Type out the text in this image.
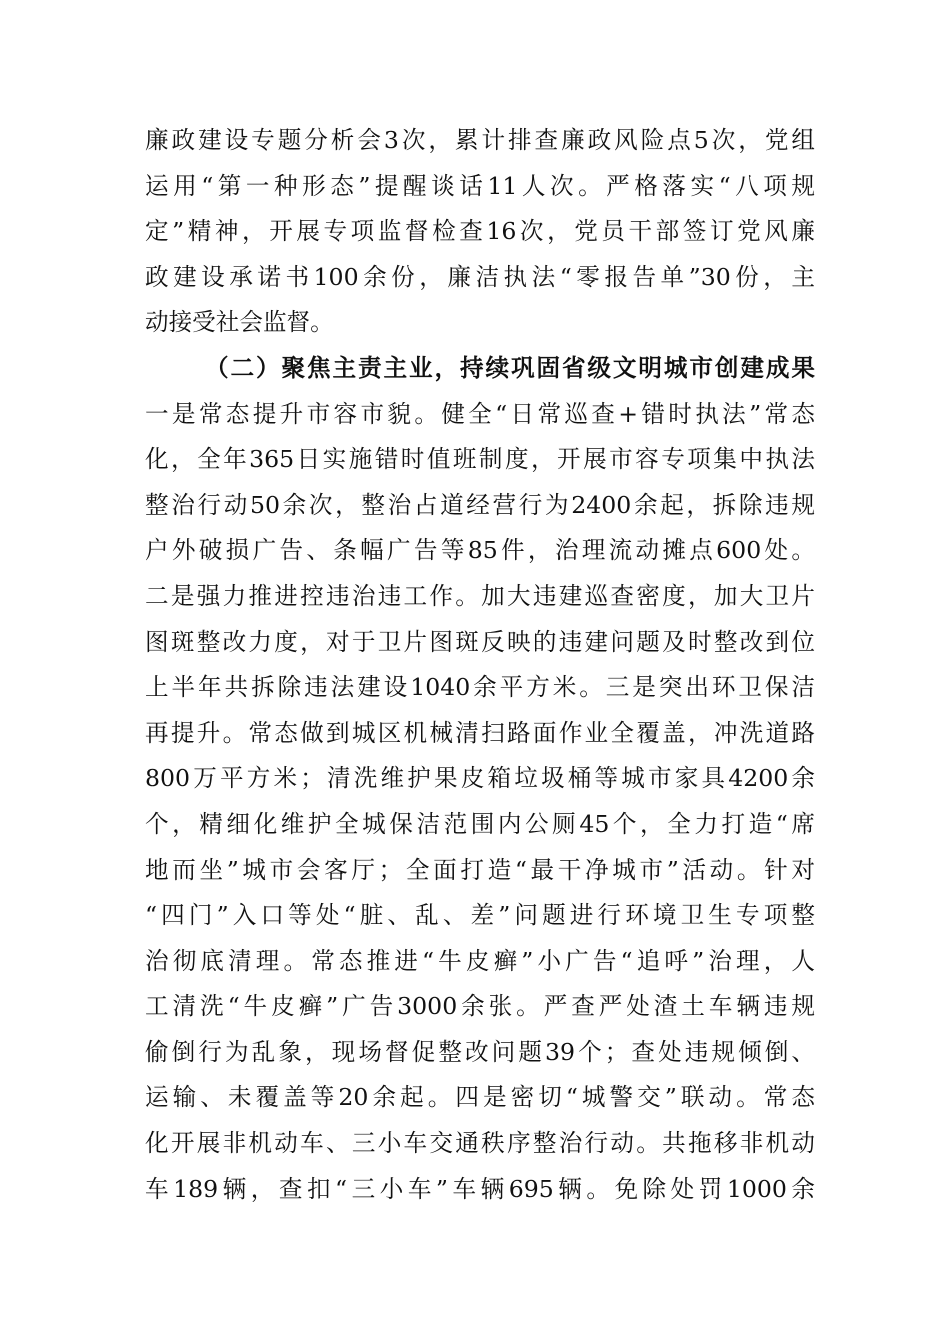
廉政建设专题分析会3次，累计排查廉政风险点5次，党组
运用“第一种形态”提醒谈话11人次。严格落实“八项规
定”精神，开展专项监督检查16次，党员干部签订党风廉
政建设承诺书100余份，廉洁执法“零报告单”30份，主
动接受社会监督。
（二）聚焦主责主业，持续巩固省级文明城市创建成果
一是常态提升市容市貌。健全“日常巡查+错时执法”常态
化，全年365日实施错时值班制度，开展市容专项集中执法
整治行动50余次，整治占道经营行为2400余起，拆除违规
户外破损广告、条幅广告等85件，治理流动摊点600处。
二是强力推进控违治违工作。加大违建巡查密度，加大卫片
图斑整改力度，对于卫片图斑反映的违建问题及时整改到位
上半年共拆除违法建设1040余平方米。三是突出环卫保洁
再提升。常态做到城区机械清扫路面作业全覆盖，冲洗道路
800万平方米；清洗维护果皮箱垃圾桶等城市家具4200余
个，精细化维护全城保洁范围内公厕45个，全力打造“席
地而坐”城市会客厅；全面打造“最干净城市”活动。针对
“四门”入口等处“脏、乱、差”问题进行环境卫生专项整
治彻底清理。常态推进“牛皮癣”小广告“追呼”治理，人
工清洗“牛皮癣”广告3000余张。严查严处渣土车辆违规
偷倒行为乱象，现场督促整改问题39个；查处违规倾倒、
运输、未覆盖等20余起。四是密切“城警交”联动。常态
化开展非机动车、三小车交通秩序整治行动。共拖移非机动
车189辆，查扣“三小车”车辆695辆。免除处罚1000余
